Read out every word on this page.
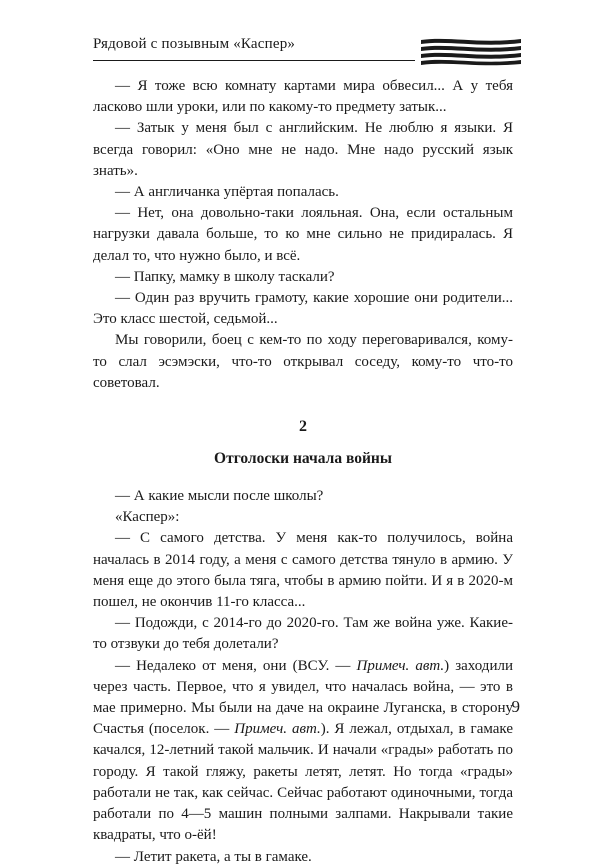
Рядовой с позывным «Каспер»

— Я тоже всю комнату картами мира обвесил... А у тебя ласково шли уроки, или по какому-то предмету затык...

— Затык у меня был с английским. Не люблю я языки. Я всегда говорил: «Оно мне не надо. Мне надо русский язык знать».

— А англичанка упёртая попалась.

— Нет, она довольно-таки лояльная. Она, если остальным нагрузки давала больше, то ко мне сильно не придиралась. Я делал то, что нужно было, и всё.

— Папку, мамку в школу таскали?

— Один раз вручить грамоту, какие хорошие они родители... Это класс шестой, седьмой...

Мы говорили, боец с кем-то по ходу переговаривался, кому-то слал эсэмэски, что-то открывал соседу, кому-то что-то советовал.

2
Отголоски начала войны

— А какие мысли после школы?

«Каспер»:

— С самого детства. У меня как-то получилось, война началась в 2014 году, а меня с самого детства тянуло в армию. У меня еще до этого была тяга, чтобы в армию пойти. И я в 2020-м пошел, не окончив 11-го класса...

— Подожди, с 2014-го до 2020-го. Там же война уже. Какие-то отзвуки до тебя долетали?

— Недалеко от меня, они (ВСУ. — Примеч. авт.) заходили через часть. Первое, что я увидел, что началась война, — это в мае примерно. Мы были на даче на окраине Луганска, в сторону Счастья (поселок. — Примеч. авт.). Я лежал, отдыхал, в гамаке качался, 12-летний такой мальчик. И начали «грады» работать по городу. Я такой гляжу, ракеты летят, летят. Но тогда «грады» работали не так, как сейчас. Сейчас работают одиночными, тогда работали по 4—5 машин полными залпами. Накрывали такие квадраты, что о-ёй!

— Летит ракета, а ты в гамаке.

9
